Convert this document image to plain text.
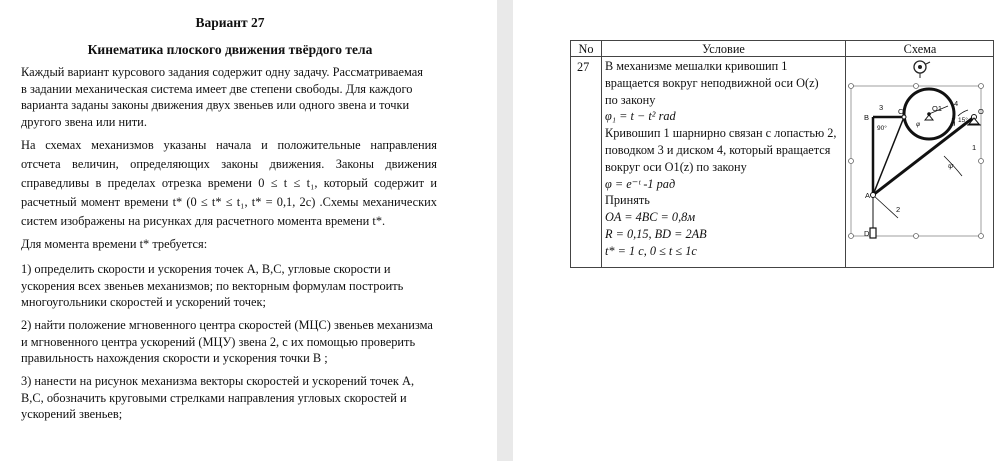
Вариант 27
Кинематика плоского движения твёрдого тела
Каждый вариант курсового задания содержит одну задачу. Рассматриваемая
в задании механическая система имеет две степени свободы. Для каждого
варианта заданы законы движения двух звеньев или одного звена и точки
другого звена или нити.
На схемах механизмов указаны начала и положительные направления
отсчета величин, определяющих законы движения. Законы движения
справедливы в пределах отрезка времени 0 ≤ t ≤ t₁, который содержит и
расчетный момент времени t* (0 ≤ t* ≤ t₁, t* = 0,1, 2c) .Схемы механических
систем изображены на рисунках для расчетного момента времени t*.
Для момента времени t* требуется:
1) определить скорости и ускорения точек А, В,С, угловые скорости и
ускорения всех звеньев механизмов; по векторным формулам построить
многоугольники скоростей и ускорений точек;
2) найти положение мгновенного центра скоростей (МЦС) звеньев механизма
и мгновенного центра ускорений (МЦУ) звена 2, с их помощью проверить
правильность нахождения скорости и ускорения точки В ;
3) нанести на рисунок механизма векторы скоростей и ускорений точек А,
В,С, обозначить круговыми стрелками направления угловых скоростей и
ускорений звеньев;
No	Условие	Схема
27 В механизме мешалки кривошип 1
вращается вокруг неподвижной оси O(z)
по закону
φ₁ = t − t² rad
Кривошип 1 шарнирно связан с лопастью 2,
поводком 3 и диском 4, который вращается
вокруг оси O1(z) по закону
φ = e⁻ᵗ -1 рад
Принять
OA = 4BC = 0,8м
R = 0,15, BD = 2AB
t* = 1 c, 0 ≤ t ≤ 1c
B
C
A
D
O
O1
1
2
3	4
90°
15°
ψ
φ
